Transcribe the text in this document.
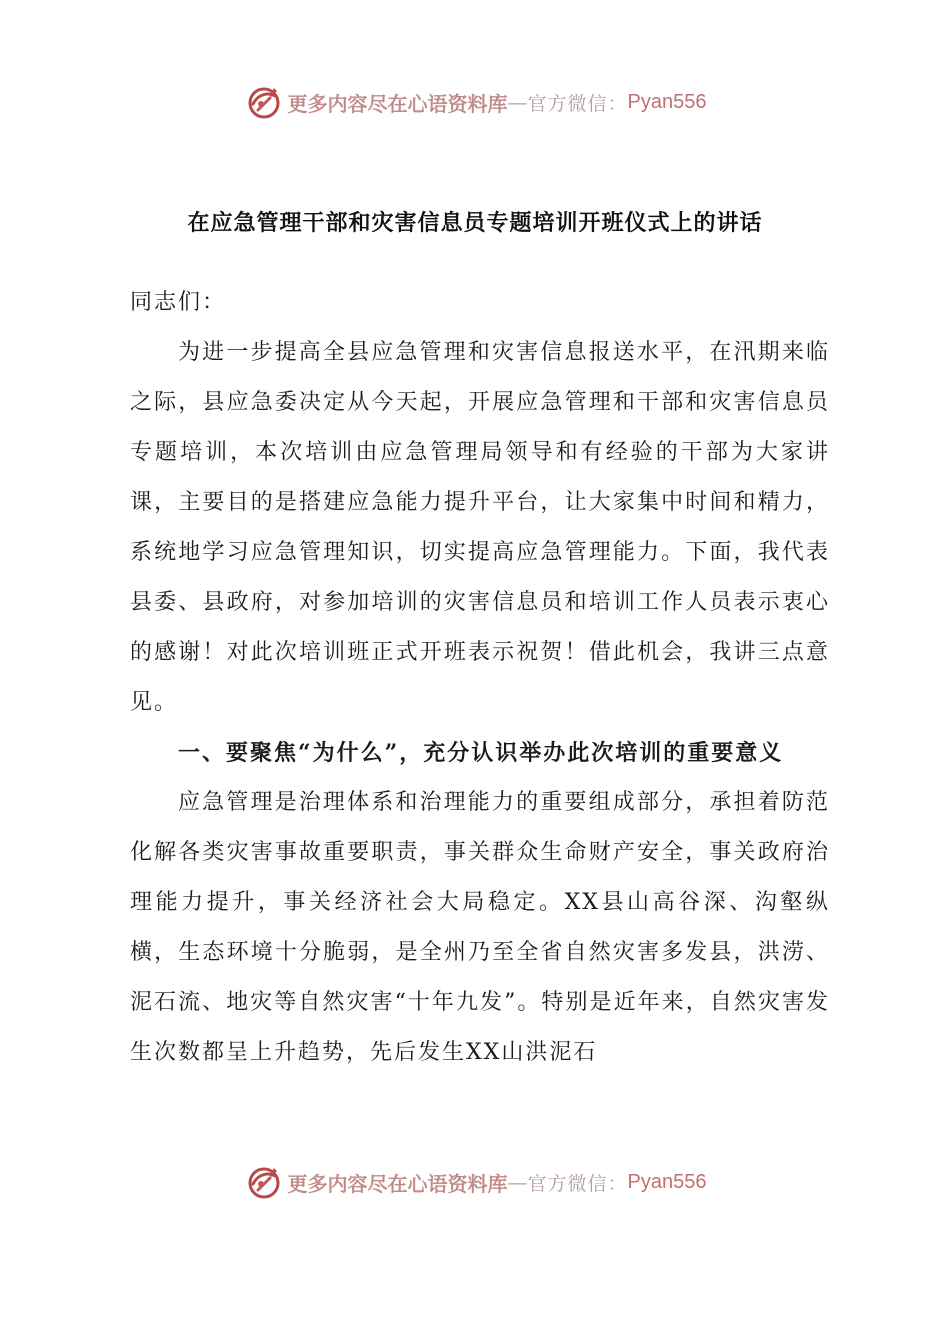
更多内容尽在心语资料库 — 官方微信： Pyan556
在应急管理干部和灾害信息员专题培训开班仪式上的讲话

同志们：

为进一步提高全县应急管理和灾害信息报送水平，在汛期来临之际，县应急委决定从今天起，开展应急管理和干部和灾害信息员专题培训，本次培训由应急管理局领导和有经验的干部为大家讲课，主要目的是搭建应急能力提升平台，让大家集中时间和精力，系统地学习应急管理知识，切实提高应急管理能力。下面，我代表县委、县政府，对参加培训的灾害信息员和培训工作人员表示衷心的感谢！对此次培训班正式开班表示祝贺！借此机会，我讲三点意见。

一、要聚焦“为什么”，充分认识举办此次培训的重要意义

应急管理是治理体系和治理能力的重要组成部分，承担着防范化解各类灾害事故重要职责，事关群众生命财产安全，事关政府治理能力提升，事关经济社会大局稳定。XX县山高谷深、沟壑纵横，生态环境十分脆弱，是全州乃至全省自然灾害多发县，洪涝、泥石流、地灾等自然灾害“十年九发”。特别是近年来，自然灾害发生次数都呈上升趋势，先后发生XX山洪泥石

更多内容尽在心语资料库 — 官方微信： Pyan556
